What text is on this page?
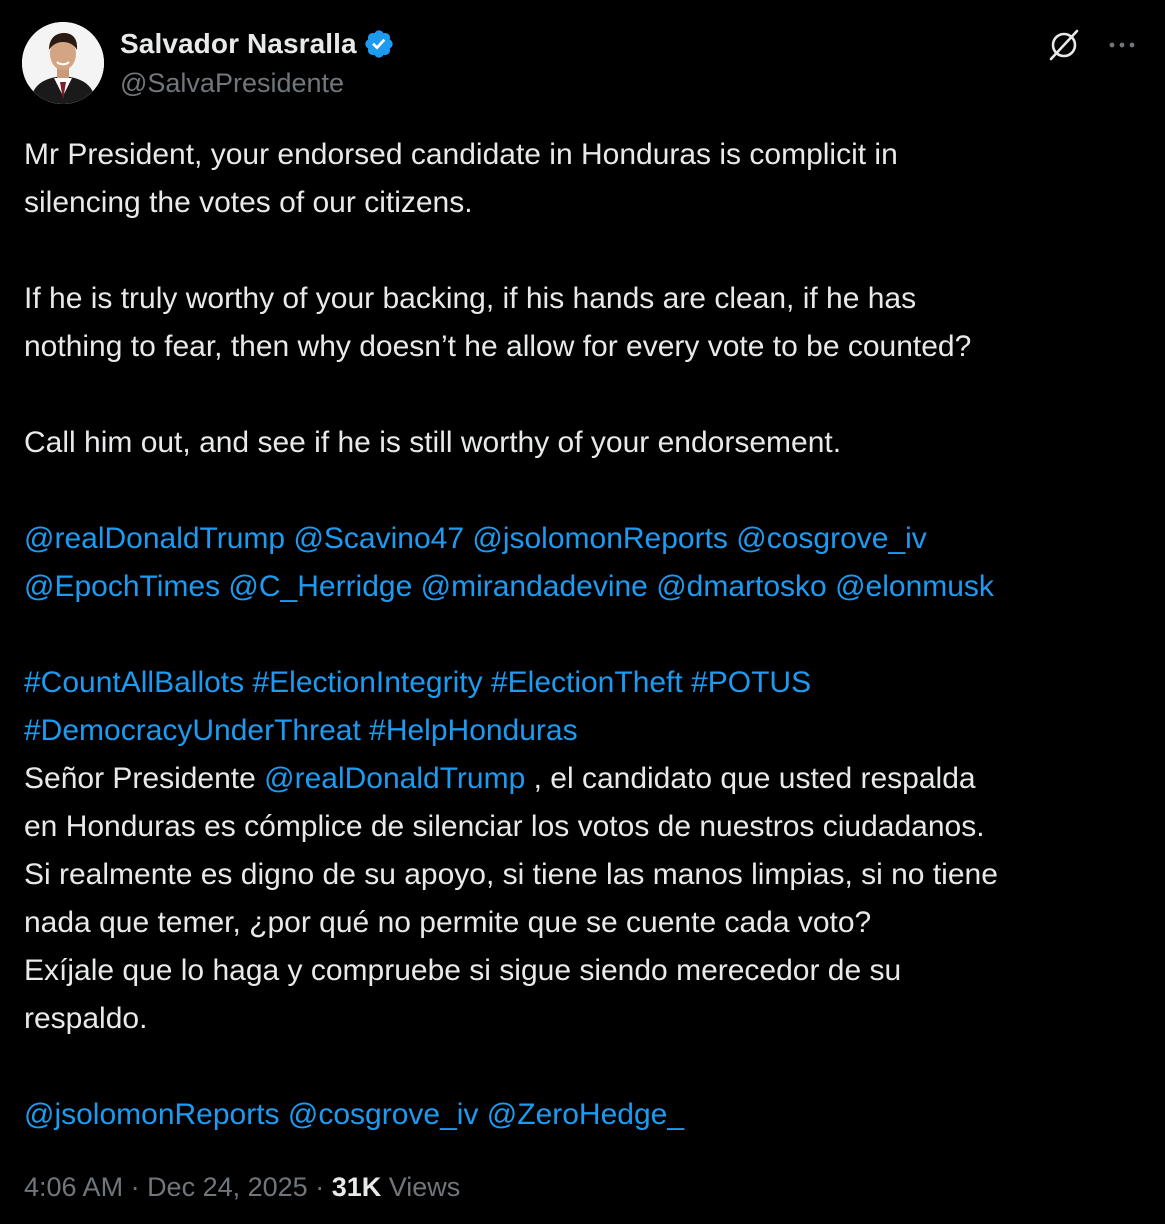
Salvador Nasralla
@SalvaPresidente
Mr President, your endorsed candidate in Honduras is complicit in
silencing the votes of our citizens.
If he is truly worthy of your backing, if his hands are clean, if he has
nothing to fear, then why doesn’t he allow for every vote to be counted?
Call him out, and see if he is still worthy of your endorsement.
@realDonaldTrump @Scavino47 @jsolomonReports @cosgrove_iv
@EpochTimes @C_Herridge @mirandadevine @dmartosko @elonmusk
#CountAllBallots #ElectionIntegrity #ElectionTheft #POTUS
#DemocracyUnderThreat #HelpHonduras
Señor Presidente @realDonaldTrump , el candidato que usted respalda
en Honduras es cómplice de silenciar los votos de nuestros ciudadanos.
Si realmente es digno de su apoyo, si tiene las manos limpias, si no tiene
nada que temer, ¿por qué no permite que se cuente cada voto?
Exíjale que lo haga y compruebe si sigue siendo merecedor de su
respaldo.
@jsolomonReports @cosgrove_iv @ZeroHedge_
4:06 AM · Dec 24, 2025 · 31K Views
